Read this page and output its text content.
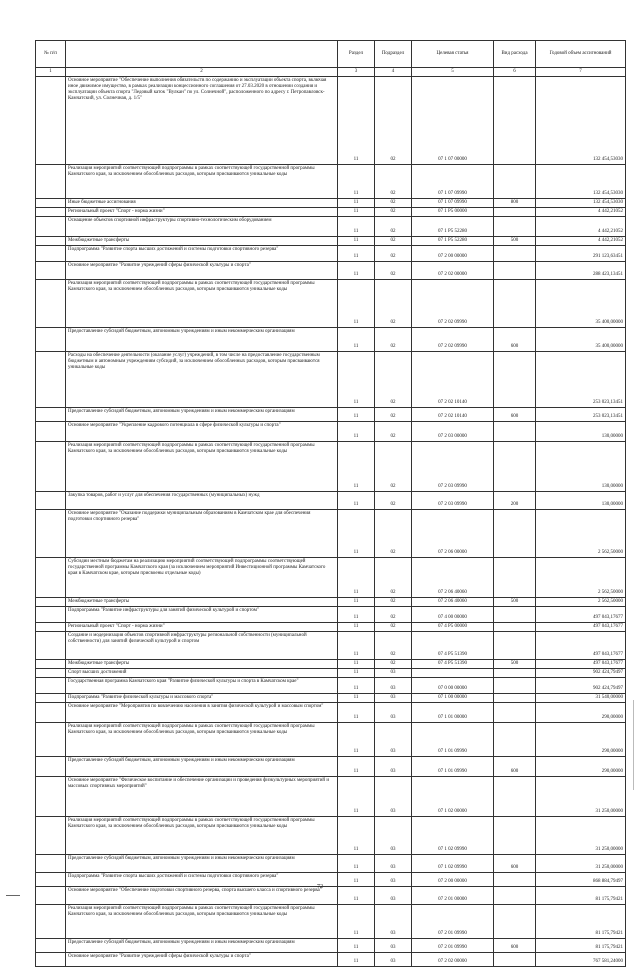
№ п/п		Раздел	Подраздел	Целевая статья	Вид расхода	Годовой объем ассигнований
1	2	3	4	5	6	7
	Основное мероприятие "Обеспечение выполнения обязательств по содержанию и эксплуатации объекта спорта, включая иное движимое имущество, в рамках реализации концессионного соглашения от 27.03.2020 в отношении создания и эксплуатации объекта спорта "Ледовый каток "Вулкан" по ул. Солнечной", расположенного по адресу г. Петропавловск-Камчатский, ул. Солнечная, д. 1/5"	11	02	07 1 07 00000		132 454,53030
	Реализация мероприятий соответствующей подпрограммы в рамках соответствующей государственной программы Камчатского края, за исключением обособленных расходов, которым присваиваются уникальные коды	11	02	07 1 07 09990		132 454,53030
	Иные бюджетные ассигнования	11	02	07 1 07 09990	800	132 454,53030
	Региональный проект "Спорт - норма жизни"	11	02	07 1 P5 00000		4 442,21052
	Оснащение объектов спортивной инфраструктуры спортивно-технологическим оборудованием	11	02	07 1 P5 52280		4 442,21052
	Межбюджетные трансферты	11	02	07 1 P5 52280	500	4 442,21052
	Подпрограмма "Развитие спорта высших достижений и системы подготовки спортивного резерва"	11	02	07 2 00 00000		291 123,63451
	Основное мероприятие "Развитие учреждений сферы физической культуры и спорта"	11	02	07 2 02 00000		288 423,13451
	Реализация мероприятий соответствующей подпрограммы в рамках соответствующей государственной программы Камчатского края, за исключением обособленных расходов, которым присваиваются уникальные коды	11	02	07 2 02 09990		35 400,00000
	Предоставление субсидий бюджетным, автономным учреждениям и иным некоммерческим организациям	11	02	07 2 02 09990	600	35 400,00000
	Расходы на обеспечение деятельности (оказание услуг) учреждений, в том числе на предоставление государственным бюджетным и автономным учреждениям субсидий, за исключением обособленных расходов, которым присваиваются уникальные коды	11	02	07 2 02 10140		253 023,13451
	Предоставление субсидий бюджетным, автономным учреждениям и иным некоммерческим организациям	11	02	07 2 02 10140	600	253 023,13451
	Основное мероприятие "Укрепление кадрового потенциала в сфере физической культуры и спорта"	11	02	07 2 03 00000		130,00000
	Реализация мероприятий соответствующей подпрограммы в рамках соответствующей государственной программы Камчатского края, за исключением обособленных расходов, которым присваиваются уникальные коды	11	02	07 2 03 09990		130,00000
	Закупка товаров, работ и услуг для обеспечения государственных (муниципальных) нужд	11	02	07 2 03 09990	200	130,00000
	Основное мероприятие "Оказание поддержки муниципальным образованиям в Камчатском крае для обеспечения подготовки спортивного резерва"	11	02	07 2 06 00000		2 562,50000
	Субсидии местным бюджетам на реализацию мероприятий соответствующей подпрограммы соответствующей государственной программы Камчатского края (за исключением мероприятий Инвестиционной программы Камчатского края в Камчатском крае, которым присвоены отдельные коды)	11	02	07 2 06 40060		2 562,50000
	Межбюджетные трансферты	11	02	07 2 06 40060	500	2 562,50000
	Подпрограмма "Развитие инфраструктуры для занятий физической культурой и спортом"	11	02	07 4 00 00000		497 043,17677
	Региональный проект "Спорт - норма жизни"	11	02	07 4 P5 00000		497 043,17677
	Создание и модернизация объектов спортивной инфраструктуры региональной собственности (муниципальной собственности) для занятий физической культурой и спортом	11	02	07 4 P5 51390		497 043,17677
	Межбюджетные трансферты	11	02	07 4 P5 51390	500	497 043,17677
	Спорт высших достижений	11	03			902 424,79497
	Государственная программа Камчатского края "Развитие физической культуры и спорта в Камчатском крае"	11	03	07 0 00 00000		902 424,79497
	Подпрограмма "Развитие физической культуры и массового спорта"	11	03	07 1 00 00000		31 540,00000
	Основное мероприятие "Мероприятия по вовлечению населения в занятия физической культурой и массовым спортом"	11	03	07 1 01 00000		290,00000
	Реализация мероприятий соответствующей подпрограммы в рамках соответствующей государственной программы Камчатского края, за исключением обособленных расходов, которым присваиваются уникальные коды	11	03	07 1 01 09990		290,00000
	Предоставление субсидий бюджетным, автономным учреждениям и иным некоммерческим организациям	11	03	07 1 01 09990	600	290,00000
	Основное мероприятие "Физическое воспитание и обеспечение организации и проведения физкультурных мероприятий и массовых спортивных мероприятий"	11	03	07 1 02 00000		31 250,00000
	Реализация мероприятий соответствующей подпрограммы в рамках соответствующей государственной программы Камчатского края, за исключением обособленных расходов, которым присваиваются уникальные коды	11	03	07 1 02 09990		31 250,00000
	Предоставление субсидий бюджетным, автономным учреждениям и иным некоммерческим организациям	11	03	07 1 02 09990	600	31 250,00000
	Подпрограмма "Развитие спорта высших достижений и системы подготовки спортивного резерва"	11	03	07 2 00 00000		868 884,79497
	Основное мероприятие "Обеспечение подготовки спортивного резерва, спорта высшего класса и спортивного резерва"	11	03	07 2 01 00000		81 175,79421
	Реализация мероприятий соответствующей подпрограммы в рамках соответствующей государственной программы Камчатского края, за исключением обособленных расходов, которым присваиваются уникальные коды	11	03	07 2 01 09990		81 175,79421
	Предоставление субсидий бюджетным, автономным учреждениям и иным некоммерческим организациям	11	03	07 2 01 09990	600	81 175,79421
	Основное мероприятие "Развитие учреждений сферы физической культуры и спорта"	11	03	07 2 02 00000		767 581,24000
72
